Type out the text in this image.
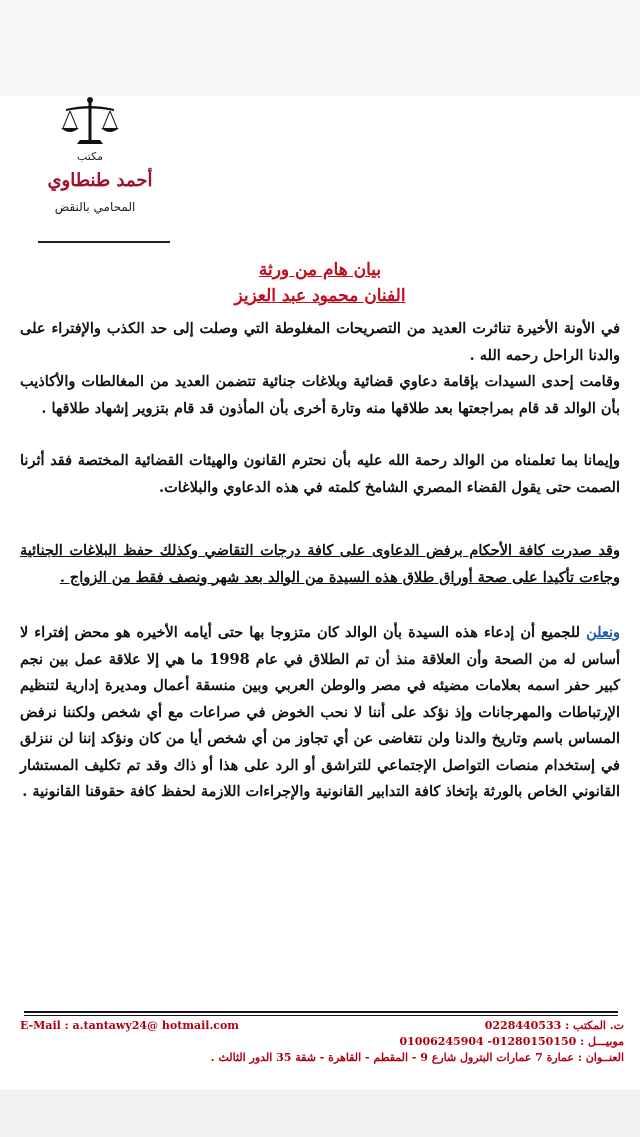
مكتب
أحمد طنطاوي
المحامي بالنقض
بيان هام من ورثة
الفنان محمود عبد العزيز
في الأونة الأخيرة تناثرت العديد من التصريحات المغلوطة التي وصلت إلى حد الكذب والإفتراء على والدنا الراحل رحمه الله .
وقامت إحدى السيدات بإقامة دعاوي قضائية وبلاغات جنائية تتضمن العديد من المغالطات والأكاذيب بأن الوالد قد قام بمراجعتها بعد طلاقها منه وتارة أخرى بأن المأذون قد قام بتزوير إشهاد طلاقها .
وإيمانا بما تعلمناه من الوالد رحمة الله عليه بأن نحترم القانون والهيئات القضائية المختصة فقد أثرنا الصمت حتى يقول القضاء المصري الشامخ كلمته في هذه الدعاوي والبلاغات.
وقد صدرت كافة الأحكام برفض الدعاوى على كافة درجات التقاضي وكذلك حفظ البلاغات الجنائية وجاءت تأكيدا على صحة أوراق طلاق هذه السيدة من الوالد بعد شهر ونصف فقط من الزواج .
ونعلن للجميع أن إدعاء هذه السيدة بأن الوالد كان متزوجا بها حتى أيامه الأخيره هو محض إفتراء لا أساس له من الصحة وأن العلاقة منذ أن تم الطلاق في عام 1998 ما هي إلا علاقة عمل بين نجم كبير حفر اسمه بعلامات مضيئه في مصر والوطن العربي وبين منسقة أعمال ومديرة إدارية لتنظيم الإرتباطات والمهرجانات وإذ نؤكد على أننا لا نحب الخوض في صراعات مع أي شخص ولكننا نرفض المساس باسم وتاريخ والدنا ولن نتغاضى عن أي تجاوز من أي شخص أيا من كان ونؤكد إننا لن ننزلق في إستخدام منصات التواصل الإجتماعي للتراشق أو الرد على هذا أو ذاك وقد تم تكليف المستشار القانوني الخاص بالورثة بإتخاذ كافة التدابير القانونية والإجراءات اللازمة لحفظ كافة حقوقنا القانونية .
E-Mail : a.tantawy24@ hotmail.com	ت. المكتب : 0228440533
موبيـــل : 01280150150- 01006245904
العنــوان : عمارة 7 عمارات البترول شارع 9 - المقطم - القاهرة - شقة 35 الدور الثالث .
